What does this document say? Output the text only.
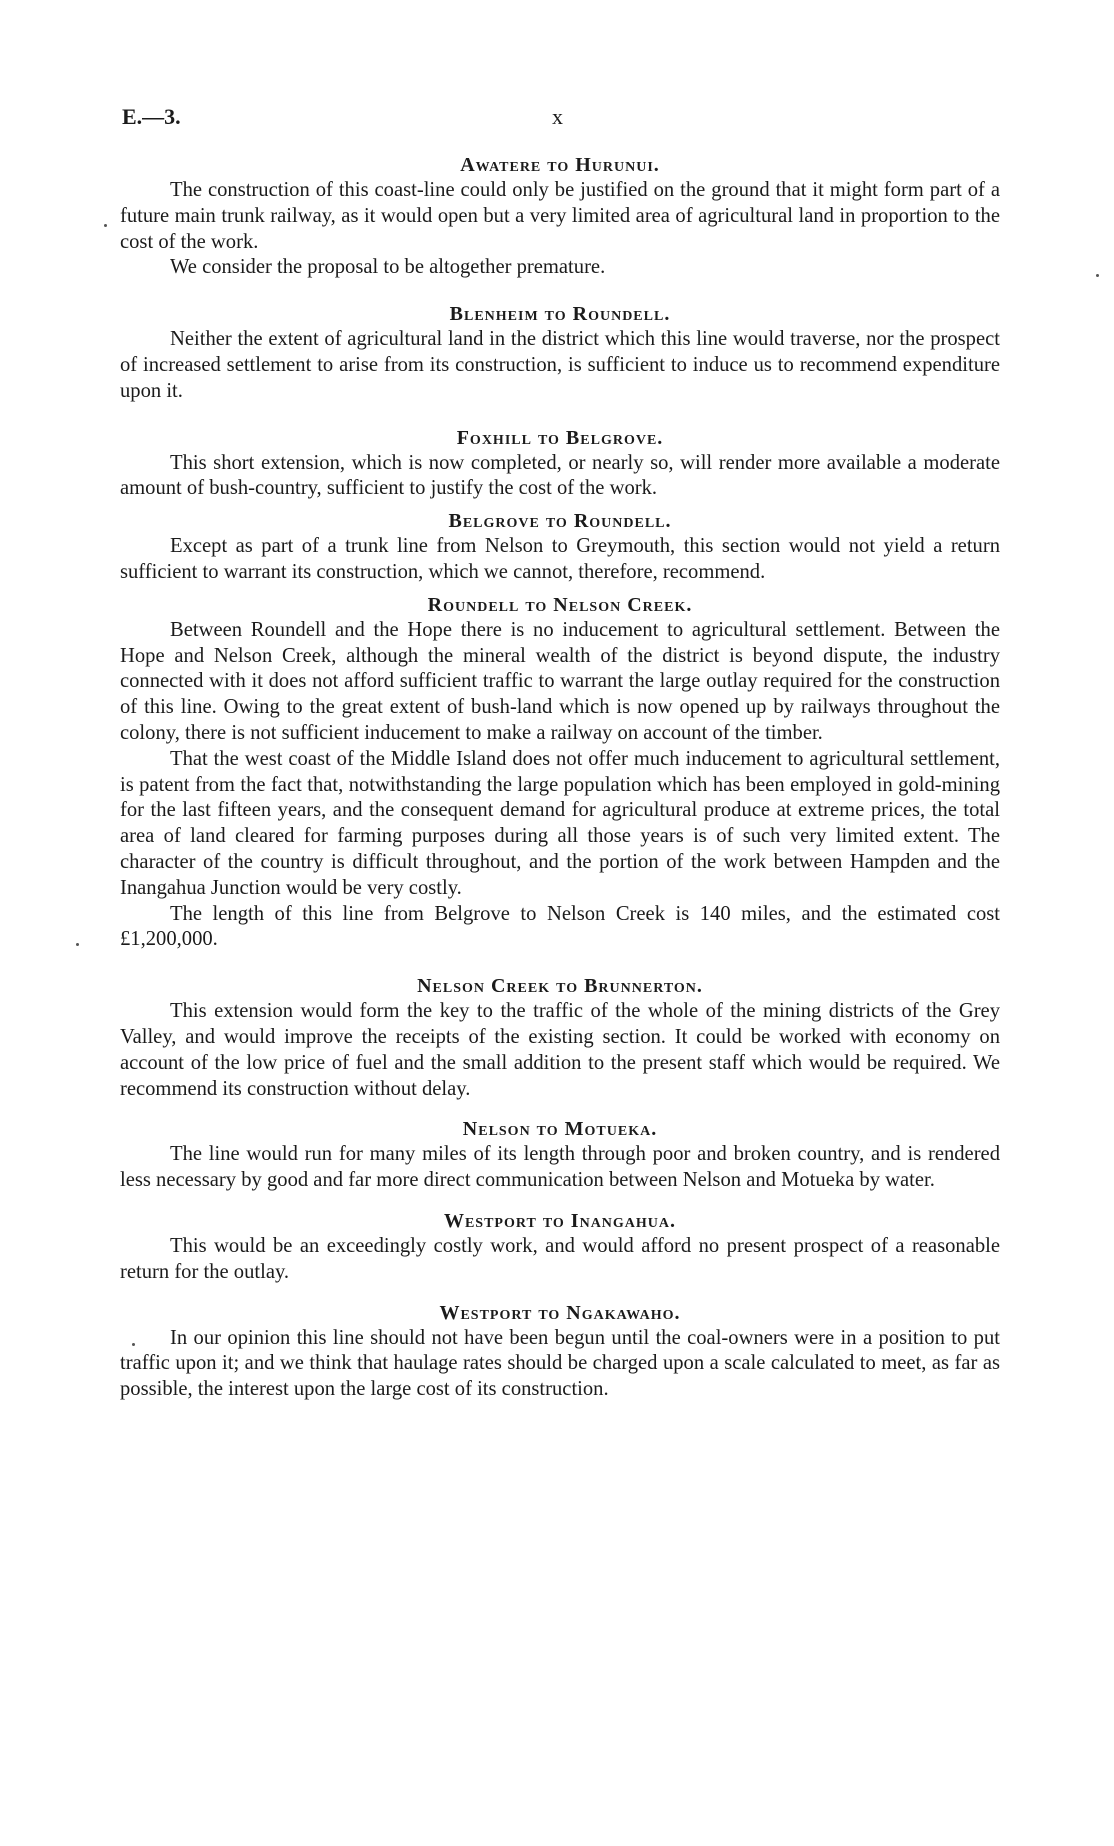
E.—3.	x
Awatere to Hurunui.

The construction of this coast-line could only be justified on the ground that it might form part of a future main trunk railway, as it would open but a very limited area of agricultural land in proportion to the cost of the work.

We consider the proposal to be altogether premature.

Blenheim to Roundell.

Neither the extent of agricultural land in the district which this line would traverse, nor the prospect of increased settlement to arise from its construction, is sufficient to induce us to recommend expenditure upon it.

Foxhill to Belgrove.

This short extension, which is now completed, or nearly so, will render more available a moderate amount of bush-country, sufficient to justify the cost of the work.

Belgrove to Roundell.

Except as part of a trunk line from Nelson to Greymouth, this section would not yield a return sufficient to warrant its construction, which we cannot, therefore, recommend.

Roundell to Nelson Creek.

Between Roundell and the Hope there is no inducement to agricultural settlement. Between the Hope and Nelson Creek, although the mineral wealth of the district is beyond dispute, the industry connected with it does not afford sufficient traffic to warrant the large outlay required for the construction of this line. Owing to the great extent of bush-land which is now opened up by railways throughout the colony, there is not sufficient inducement to make a railway on account of the timber.

That the west coast of the Middle Island does not offer much inducement to agricultural settlement, is patent from the fact that, notwithstanding the large population which has been employed in gold-mining for the last fifteen years, and the consequent demand for agricultural produce at extreme prices, the total area of land cleared for farming purposes during all those years is of such very limited extent. The character of the country is difficult throughout, and the portion of the work between Hampden and the Inangahua Junction would be very costly.

The length of this line from Belgrove to Nelson Creek is 140 miles, and the estimated cost £1,200,000.

Nelson Creek to Brunnerton.

This extension would form the key to the traffic of the whole of the mining districts of the Grey Valley, and would improve the receipts of the existing section. It could be worked with economy on account of the low price of fuel and the small addition to the present staff which would be required. We recommend its construction without delay.

Nelson to Motueka.

The line would run for many miles of its length through poor and broken country, and is rendered less necessary by good and far more direct communication between Nelson and Motueka by water.

Westport to Inangahua.

This would be an exceedingly costly work, and would afford no present prospect of a reasonable return for the outlay.

Westport to Ngakawaho.

In our opinion this line should not have been begun until the coal-owners were in a position to put traffic upon it; and we think that haulage rates should be charged upon a scale calculated to meet, as far as possible, the interest upon the large cost of its construction.
